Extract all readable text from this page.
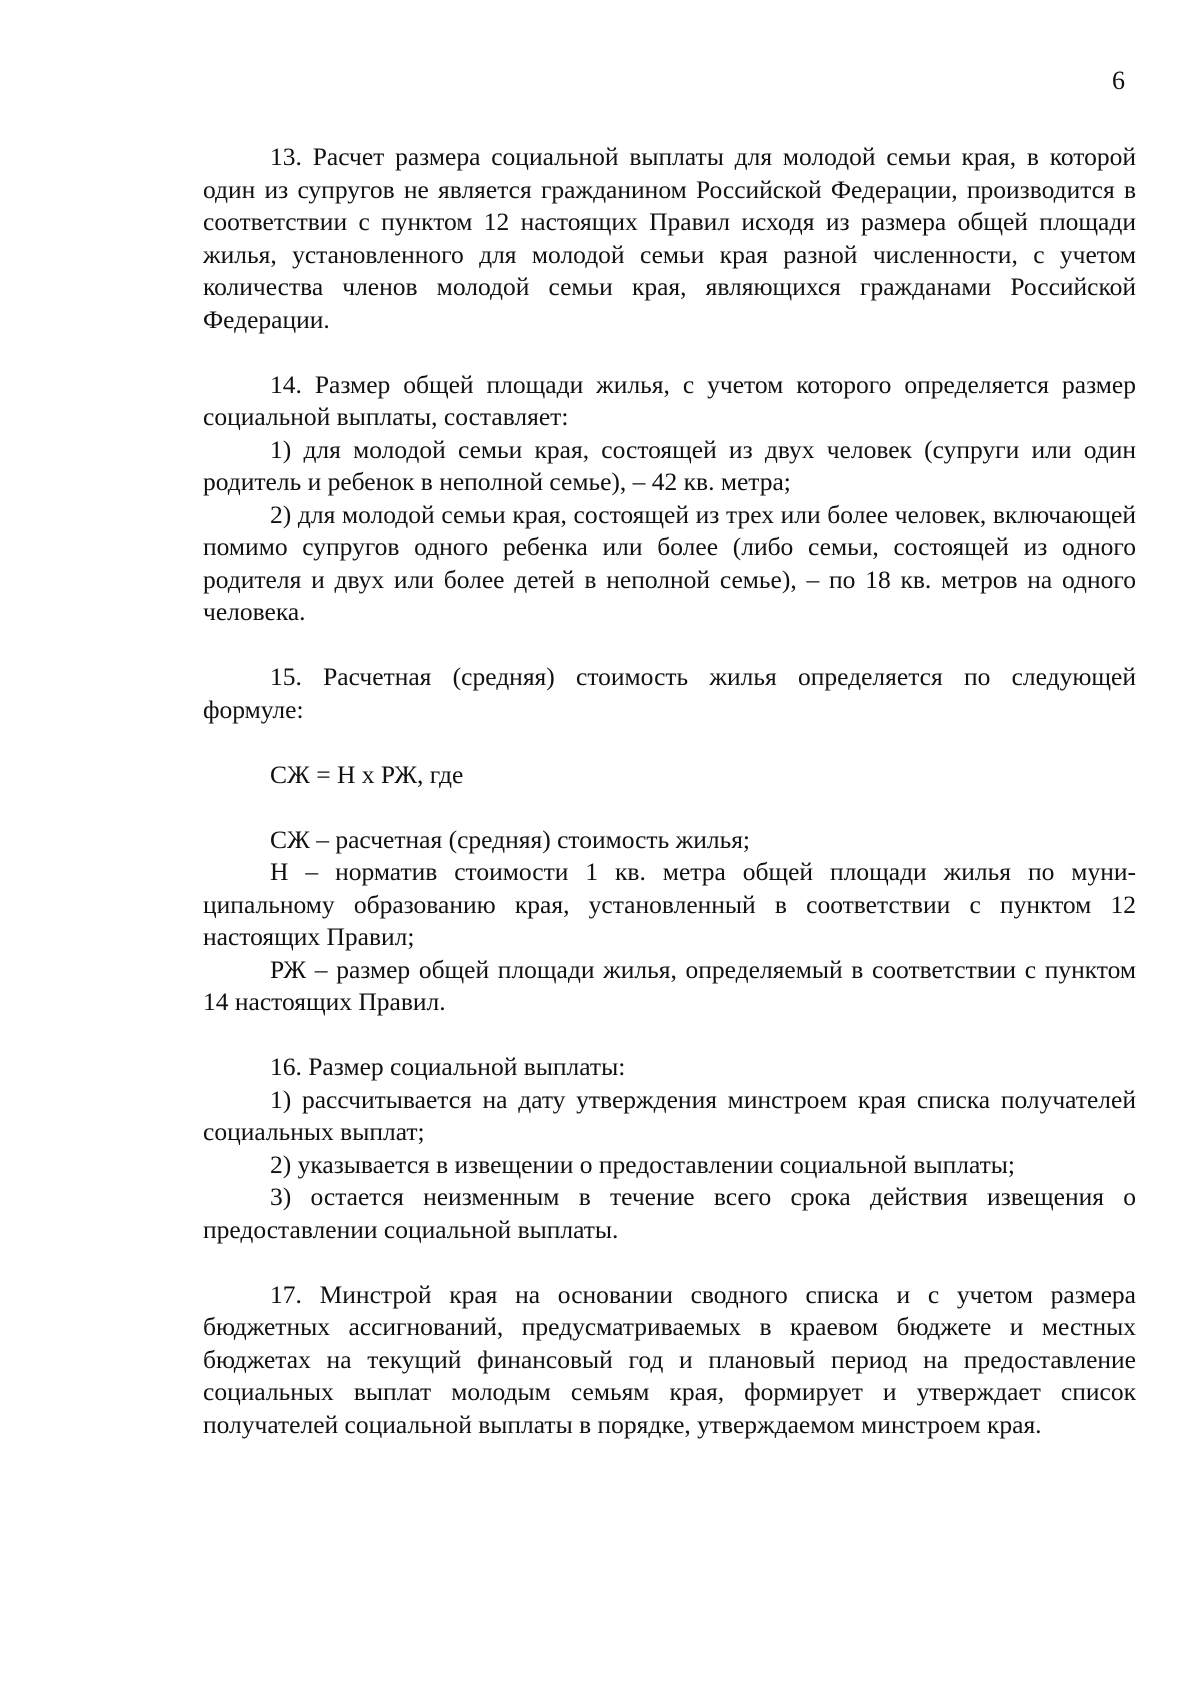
6

13. Расчет размера социальной выплаты для молодой семьи края, в которой один из супругов не является гражданином Российской Федерации, производится в соответствии с пунктом 12 настоящих Правил исходя из размера общей площади жилья, установленного для молодой семьи края разной численности, с учетом количества членов молодой семьи края, являющихся гражданами Российской Федерации.

14. Размер общей площади жилья, с учетом которого определяется размер социальной выплаты, составляет:

1) для молодой семьи края, состоящей из двух человек (супруги или один родитель и ребенок в неполной семье), – 42 кв. метра;

2) для молодой семьи края, состоящей из трех или более человек, включающей помимо супругов одного ребенка или более (либо семьи, состоящей из одного родителя и двух или более детей в неполной семье), – по 18 кв. метров на одного человека.

15. Расчетная (средняя) стоимость жилья определяется по следующей формуле:

СЖ = Н х РЖ, где

СЖ – расчетная (средняя) стоимость жилья;

Н – норматив стоимости 1 кв. метра общей площади жилья по муниципальному образованию края, установленный в соответствии с пунктом 12 настоящих Правил;

РЖ – размер общей площади жилья, определяемый в соответствии с пунктом 14 настоящих Правил.

16. Размер социальной выплаты:

1) рассчитывается на дату утверждения минстроем края списка получателей социальных выплат;

2) указывается в извещении о предоставлении социальной выплаты;

3) остается неизменным в течение всего срока действия извещения о предоставлении социальной выплаты.

17. Минстрой края на основании сводного списка и с учетом размера бюджетных ассигнований, предусматриваемых в краевом бюджете и местных бюджетах на текущий финансовый год и плановый период на предоставление социальных выплат молодым семьям края, формирует и утверждает список получателей социальной выплаты в порядке, утверждаемом минстроем края.
